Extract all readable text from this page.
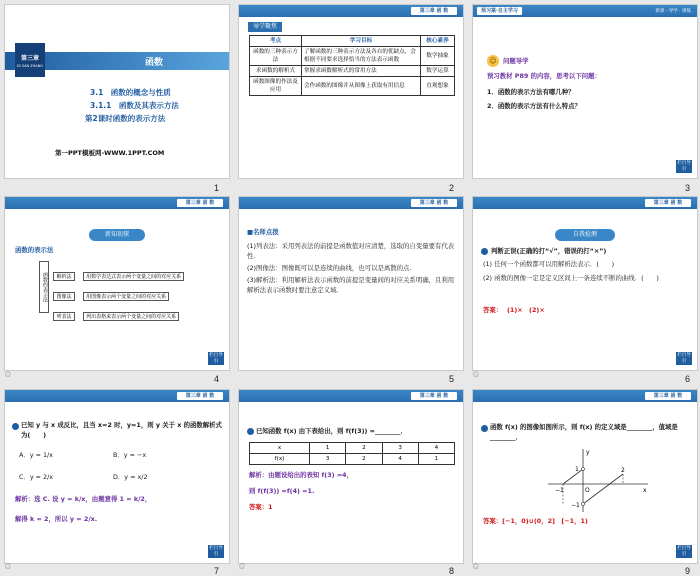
第三章
DI SAN ZHANG	函数
3.1　函数的概念与性质
3.1.1　函数及其表示方法
第2课时函数的表示方法
第一PPT模板网-WWW.1PPT.COM
1
第三章 函 数
导学聚焦
考点	学习目标	核心素养
函数的三种表示方法	了解函数的三种表示方法及各自的优缺点，会根据不同要求选择恰当的方法表示函数	数学抽象
求函数的解析式	掌握求函数解析式的常用方法	数学运算
函数图像的作法及应用	会作函数的图像并从图像上获取有用信息	直观想象
2
预习案·自主学习	新课 · 导学 · 训练
☺ 问题导学
预习教材 P89 的内容，思考以下问题：
1．函数的表示方法有哪几种？
2．函数的表示方法有什么特点？
栏目导引
3
第三章 函 数
新知初探
函数的表示法
函数的表示法	解析法	用数学表达式表示两个变量之间的对应关系
图像法	用图像表示两个变量之间的对应关系
列表法	列出表格来表示两个变量之间的对应关系
栏目导引
4
第三章 函 数
■名师点拨
(1)列表法：采用列表法的前提是函数值对应清楚，选取的自变量要有代表性.
(2)图像法：图像既可以是连续的曲线，也可以是离散的点.
(3)解析法：利用解析法表示函数的前提是变量间的对应关系明确，且利用解析法表示函数时要注意定义域.
5
第三章 函 数
自我检测
判断正误(正确的打“√”，错误的打“×”)
(1) 任何一个函数都可以用解析法表示．(　　)
(2) 函数的图像一定是定义区间上一条连续不断的曲线．(　　)
答案： (1)×　(2)×
栏目导引
6
第三章 函 数
已知 y 与 x 成反比，且当 x=2 时，y=1，则 y 关于 x 的函数解析式为(　　)
A．y = 1/x	B．y = −x
C．y = 2/x	D．y = x/2
解析：选 C. 设 y = k/x，由题意得 1 = k/2，
解得 k = 2，所以 y = 2/x.
栏目导引
7
第三章 函 数
已知函数 f(x) 由下表给出，则 f(f(3)) =________．
x	1	2	3	4
f(x)	3	2	4	1
解析：由题设给出的表知 f(3) =4，
则 f(f(3)) =f(4) =1.
答案：1
8
第三章 函 数
函数 f(x) 的图像如图所示，则 f(x) 的定义域是________，值域是________．
2
1
−1
−1
O	x
y
答案：[−1，0)∪(0，2]　[−1，1)
栏目导引
9
✩	✩
✩	✩	✩
